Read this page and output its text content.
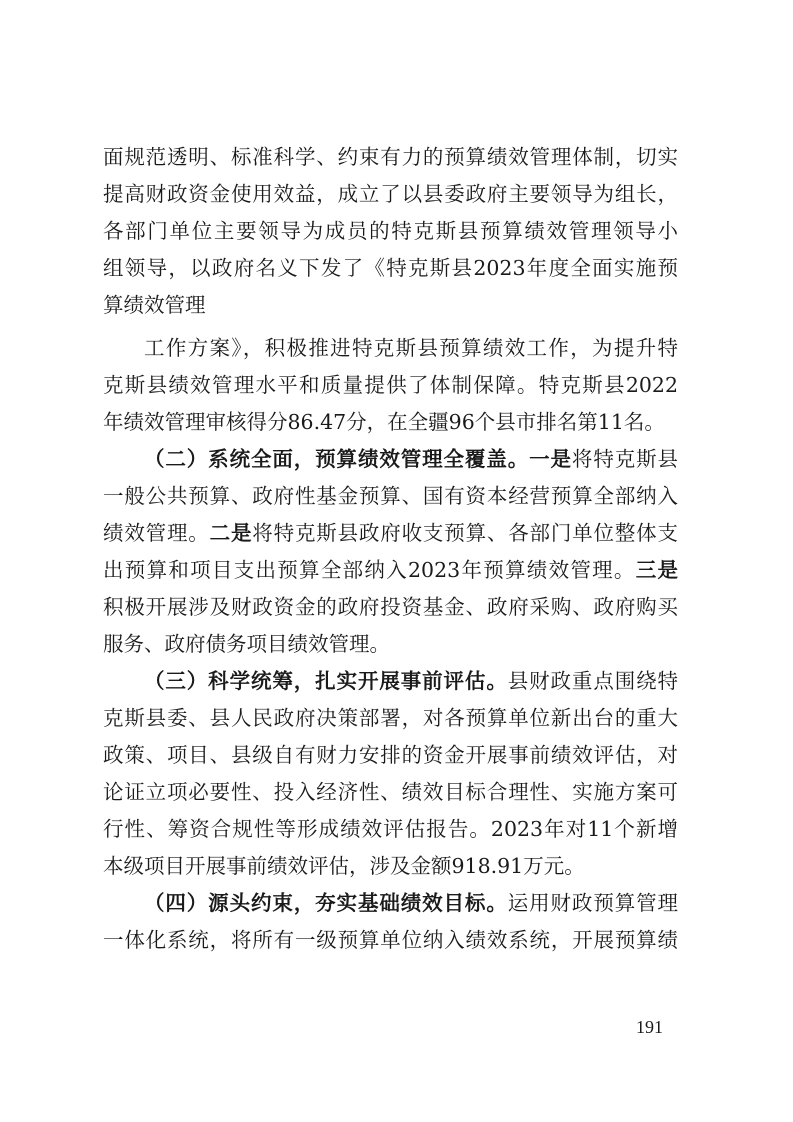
面规范透明、标准科学、约束有力的预算绩效管理体制，切实
提高财政资金使用效益，成立了以县委政府主要领导为组长，
各部门单位主要领导为成员的特克斯县预算绩效管理领导小
组领导，以政府名义下发了《特克斯县2023年度全面实施预
算绩效管理
工作方案》，积极推进特克斯县预算绩效工作，为提升特
克斯县绩效管理水平和质量提供了体制保障。特克斯县2022
年绩效管理审核得分86.47分，在全疆96个县市排名第11名。
（二）系统全面，预算绩效管理全覆盖。一是将特克斯县
一般公共预算、政府性基金预算、国有资本经营预算全部纳入
绩效管理。二是将特克斯县政府收支预算、各部门单位整体支
出预算和项目支出预算全部纳入2023年预算绩效管理。三是
积极开展涉及财政资金的政府投资基金、政府采购、政府购买
服务、政府债务项目绩效管理。
（三）科学统筹，扎实开展事前评估。县财政重点围绕特
克斯县委、县人民政府决策部署，对各预算单位新出台的重大
政策、项目、县级自有财力安排的资金开展事前绩效评估，对
论证立项必要性、投入经济性、绩效目标合理性、实施方案可
行性、筹资合规性等形成绩效评估报告。2023年对11个新增
本级项目开展事前绩效评估，涉及金额918.91万元。
（四）源头约束，夯实基础绩效目标。运用财政预算管理
一体化系统，将所有一级预算单位纳入绩效系统，开展预算绩
191
